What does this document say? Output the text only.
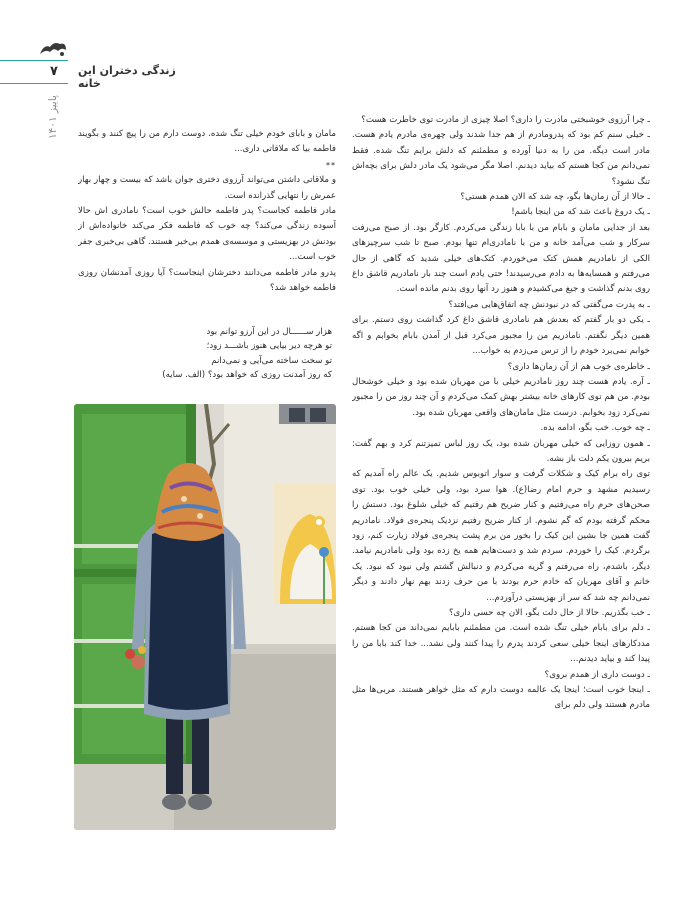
۷ زندگی دختران این خانه
پاییز ۱۴۰۱

ـ چرا آرزوی خوشبختی مادرت را داری؟ اصلا چیزی از مادرت توی خاطرت هست؟

ـ خیلی سنم کم بود که پدرومادرم از هم جدا شدند ولی چهره‌ی مادرم یادم هست. مادر است دیگه. من را به دنیا آورده و مطمئنم که دلش برایم تنگ شده. فقط نمی‌دانم من کجا هستم که بیاید دیدنم. اصلا مگر می‌شود یک مادر دلش برای بچه‌اش تنگ نشود؟

ـ حالا از آن زمان‌ها بگو، چه شد که الان همدم هستی؟

ـ یک دروغ باعث شد که من اینجا باشم!

بعد از جدایی مامان و بابام من با بابا زندگی می‌کردم. کارگر بود. از صبح می‌رفت سرکار و شب می‌آمد خانه و من با نامادری‌ام تنها بودم. صبح تا شب سرچیزهای الکی از نامادریم همش کتک می‌خوردم. کتک‌های خیلی شدید که گاهی از حال می‌رفتم و همسایه‌ها به دادم می‌رسیدند! حتی یادم است چند بار نامادریم قاشق داغ روی بدنم گذاشت و جیغ می‌کشیدم و هنوز رد آنها روی بدنم مانده است.

ـ به پدرت می‌گفتی که در نبودنش چه اتفاق‌هایی می‌افتد؟

ـ یکی دو بار گفتم که بعدش هم نامادری قاشق داغ کرد گذاشت روی دستم. برای همین دیگر نگفتم. نامادریم من را مجبور می‌کرد قبل از آمدن بابام بخوابم و اگه خوابم نمی‌برد خودم را از ترس می‌زدم به خواب...

ـ خاطره‌ی خوب هم از آن زمان‌ها داری؟

ـ آره. یادم هست چند روز نامادریم خیلی با من مهربان شده بود و خیلی خوشحال بودم. من هم توی کارهای خانه بیشتر بهش کمک می‌کردم و آن چند روز من را مجبور نمی‌کرد زود بخوابم. درست مثل مامان‌های واقعی مهربان شده بود.

ـ چه خوب. خب بگو، ادامه بده.

ـ همون روزایی که خیلی مهربان شده بود، یک روز لباس تمیزتنم کرد و بهم گفت: بریم بیرون یکم دلت باز بشه.

توی راه برام کیک و شکلات گرفت و سوار اتوبوس شدیم. یک عالم راه آمدیم که رسیدیم مشهد و حرم امام رضا(ع). هوا سرد بود، ولی خیلی خوب بود. توی صحن‌های حرم راه می‌رفتیم و کنار ضریح هم رفتیم که خیلی شلوغ بود. دستش را محکم گرفته بودم که گم نشوم. از کنار ضریح رفتیم نزدیک پنجره‌ی فولاد. نامادریم گفت همین جا بشین این کیک را بخور من برم پشت پنجره‌ی فولاد زیارت کنم، زود برگردم. کیک را خوردم. سردم شد و دست‌هایم همه یخ زده بود ولی نامادریم نیامد. دیگر، باشدم، راه می‌رفتم و گریه می‌کردم و دنبالش گشتم ولی نبود که نبود. یک خانم و آقای مهربان که خادم حرم بودند با من حرف زدند بهم نهار دادند و دیگر نمی‌دانم چه شد که سر از بهزیستی درآوردم...

ـ خب بگذریم. حالا از حال دلت بگو، الان چه حسی داری؟

ـ دلم برای بابام خیلی تنگ شده است. من مطمئنم بابایم نمی‌داند من کجا هستم. مددکارهای اینجا خیلی سعی کردند پدرم را پیدا کنند ولی نشد... خدا کند بابا من را پیدا کند و بیاید دیدنم...

ـ دوست داری از همدم بروی؟

ـ اینجا خوب است؛ اینجا یک عالمه دوست دارم که مثل خواهر هستند. مربی‌ها مثل مادرم هستند ولی دلم برای

مامان و بابای خودم خیلی تنگ شده. دوست دارم من را پیچ کنند و بگویند فاطمه بیا که ملاقاتی داری...

**

و ملاقاتی داشتن می‌تواند آرزوی دختری جوان باشد که بیست و چهار بهار عمرش را نتهایی گذرانده است.

مادر فاطمه کجاست؟ پدر فاطمه حالش خوب است؟ نامادری اش حالا آسوده زندگی می‌کند؟ چه خوب که فاطمه فکر می‌کند خانواده‌اش از بودنش در بهزیستی و موسسه‌ی همدم بی‌خبر هستند. گاهی بی‌خبری جفر خوب است...

پدرو مادر فاطمه می‌دانند دخترشان اینجاست؟ آیا روزی آمدنشان روزی فاطمه خواهد شد؟

هزار ســــــال در این آرزو توانم بود

تو هرچه دیر بیایی هنوز باشـــد زود؛

تو سخت ساخته می‌آیی و نمی‌دانم

که روز آمدنت روزی که خواهد بود؟ (الف. سایه)
